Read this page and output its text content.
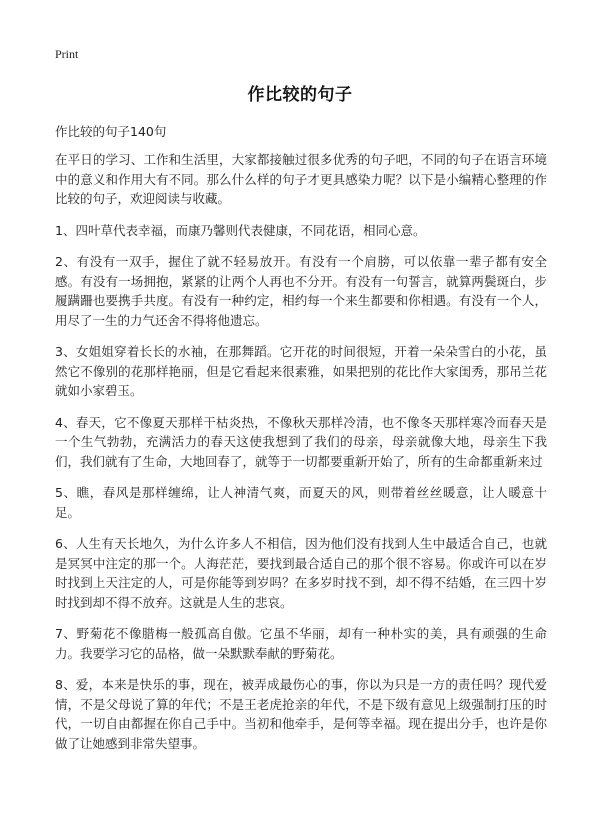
Print
作比较的句子
作比较的句子140句

在平日的学习、工作和生活里，大家都接触过很多优秀的句子吧，不同的句子在语言环境中的意义和作用大有不同。那么什么样的句子才更具感染力呢？以下是小编精心整理的作比较的句子，欢迎阅读与收藏。

1、四叶草代表幸福，而康乃馨则代表健康，不同花语，相同心意。

2、有没有一双手，握住了就不轻易放开。有没有一个肩膀，可以依靠一辈子都有安全感。有没有一场拥抱，紧紧的让两个人再也不分开。有没有一句誓言，就算两鬓斑白，步履蹒跚也要携手共度。有没有一种约定，相约每一个来生都要和你相遇。有没有一个人，用尽了一生的力气还舍不得将他遗忘。

3、女姐姐穿着长长的水袖，在那舞蹈。它开花的时间很短，开着一朵朵雪白的小花，虽然它不像别的花那样艳丽，但是它看起来很素雅，如果把别的花比作大家闺秀，那吊兰花就如小家碧玉。

4、春天，它不像夏天那样干枯炎热，不像秋天那样冷清，也不像冬天那样寒冷而春天是一个生气勃勃，充满活力的春天这使我想到了我们的母亲，母亲就像大地，母亲生下我们，我们就有了生命，大地回春了，就等于一切都要重新开始了，所有的生命都重新来过

5、瞧，春风是那样缠绵，让人神清气爽，而夏天的风，则带着丝丝暖意，让人暖意十足。

6、人生有天长地久，为什么许多人不相信，因为他们没有找到人生中最适合自己，也就是冥冥中注定的那一个。人海茫茫，要找到最合适自己的那个很不容易。你或许可以在岁时找到上天注定的人，可是你能等到岁吗？在多岁时找不到，却不得不结婚，在三四十岁时找到却不得不放弃。这就是人生的悲哀。

7、野菊花不像腊梅一般孤高自傲。它虽不华丽，却有一种朴实的美，具有顽强的生命力。我要学习它的品格，做一朵默默奉献的野菊花。

8、爱，本来是快乐的事，现在，被弄成最伤心的事，你以为只是一方的责任吗？现代爱情，不是父母说了算的年代；不是王老虎抢亲的年代，不是下级有意见上级强制打压的时代，一切自由都握在你自己手中。当初和他牵手，是何等幸福。现在提出分手，也许是你做了让她感到非常失望事。
